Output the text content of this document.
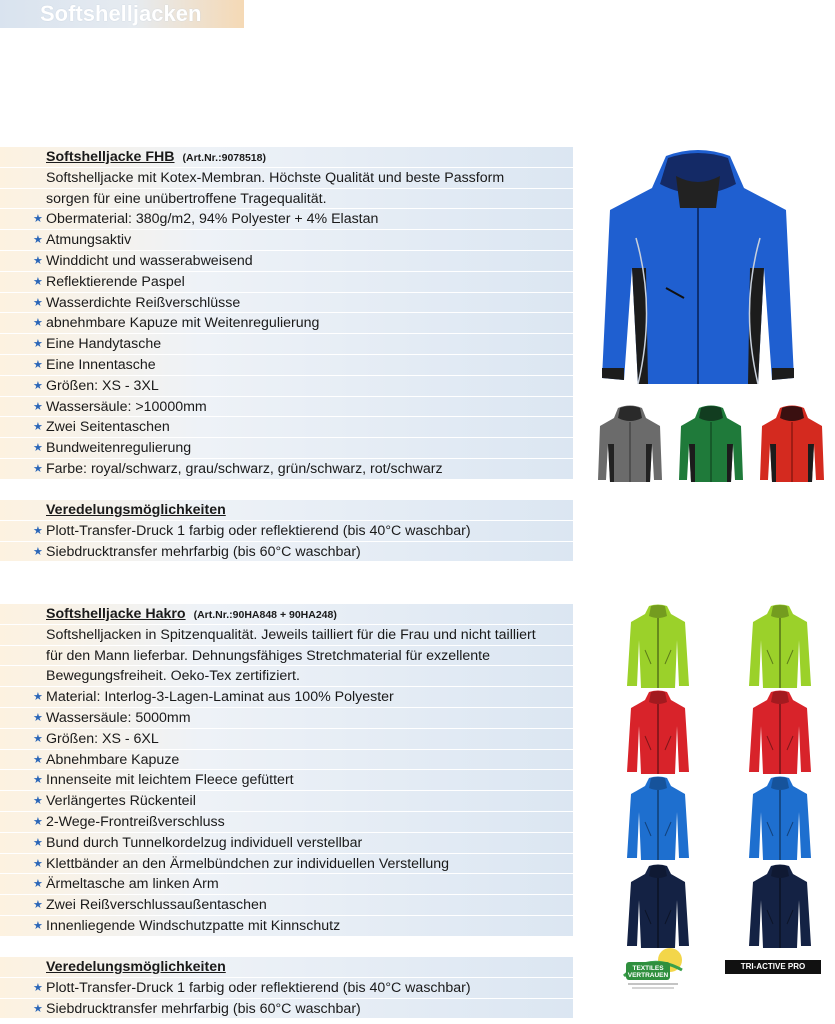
Softshelljacken
Softshelljacke FHB (Art.Nr.:9078518)
Softshelljacke mit Kotex-Membran. Höchste Qualität und beste Passform
sorgen für eine unübertroffene Tragequalität.
★ Obermaterial: 380g/m2, 94% Polyester + 4% Elastan
★ Atmungsaktiv
★ Winddicht und wasserabweisend
★ Reflektierende Paspel
★ Wasserdichte Reißverschlüsse
★ abnehmbare Kapuze mit Weitenregulierung
★ Eine Handytasche
★ Eine Innentasche
★ Größen: XS - 3XL
★ Wassersäule: >10000mm
★ Zwei Seitentaschen
★ Bundweitenregulierung
★ Farbe: royal/schwarz, grau/schwarz, grün/schwarz, rot/schwarz
Veredelungsmöglichkeiten
★ Plott-Transfer-Druck 1 farbig oder reflektierend (bis 40°C waschbar)
★ Siebdrucktransfer mehrfarbig (bis 60°C waschbar)
Softshelljacke Hakro (Art.Nr.:90HA848 + 90HA248)
Softshelljacken in Spitzenqualität. Jeweils tailliert für die Frau und nicht tailliert
für den Mann lieferbar. Dehnungsfähiges Stretchmaterial für exzellente
Bewegungsfreiheit. Oeko-Tex zertifiziert.
★ Material: Interlog-3-Lagen-Laminat aus 100% Polyester
★ Wassersäule: 5000mm
★ Größen: XS - 6XL
★ Abnehmbare Kapuze
★ Innenseite mit leichtem Fleece gefüttert
★ Verlängertes Rückenteil
★ 2-Wege-Frontreißverschluss
★ Bund durch Tunnelkordelzug individuell verstellbar
★ Klettbänder an den Ärmelbündchen zur individuellen Verstellung
★ Ärmeltasche am linken Arm
★ Zwei Reißverschlussaußentaschen
★ Innenliegende Windschutzpatte mit Kinnschutz
Veredelungsmöglichkeiten
★ Plott-Transfer-Druck 1 farbig oder reflektierend (bis 40°C waschbar)
★ Siebdrucktransfer mehrfarbig (bis 60°C waschbar)
TEXTILES
VERTRAUEN
TRI-ACTIVE PRO
